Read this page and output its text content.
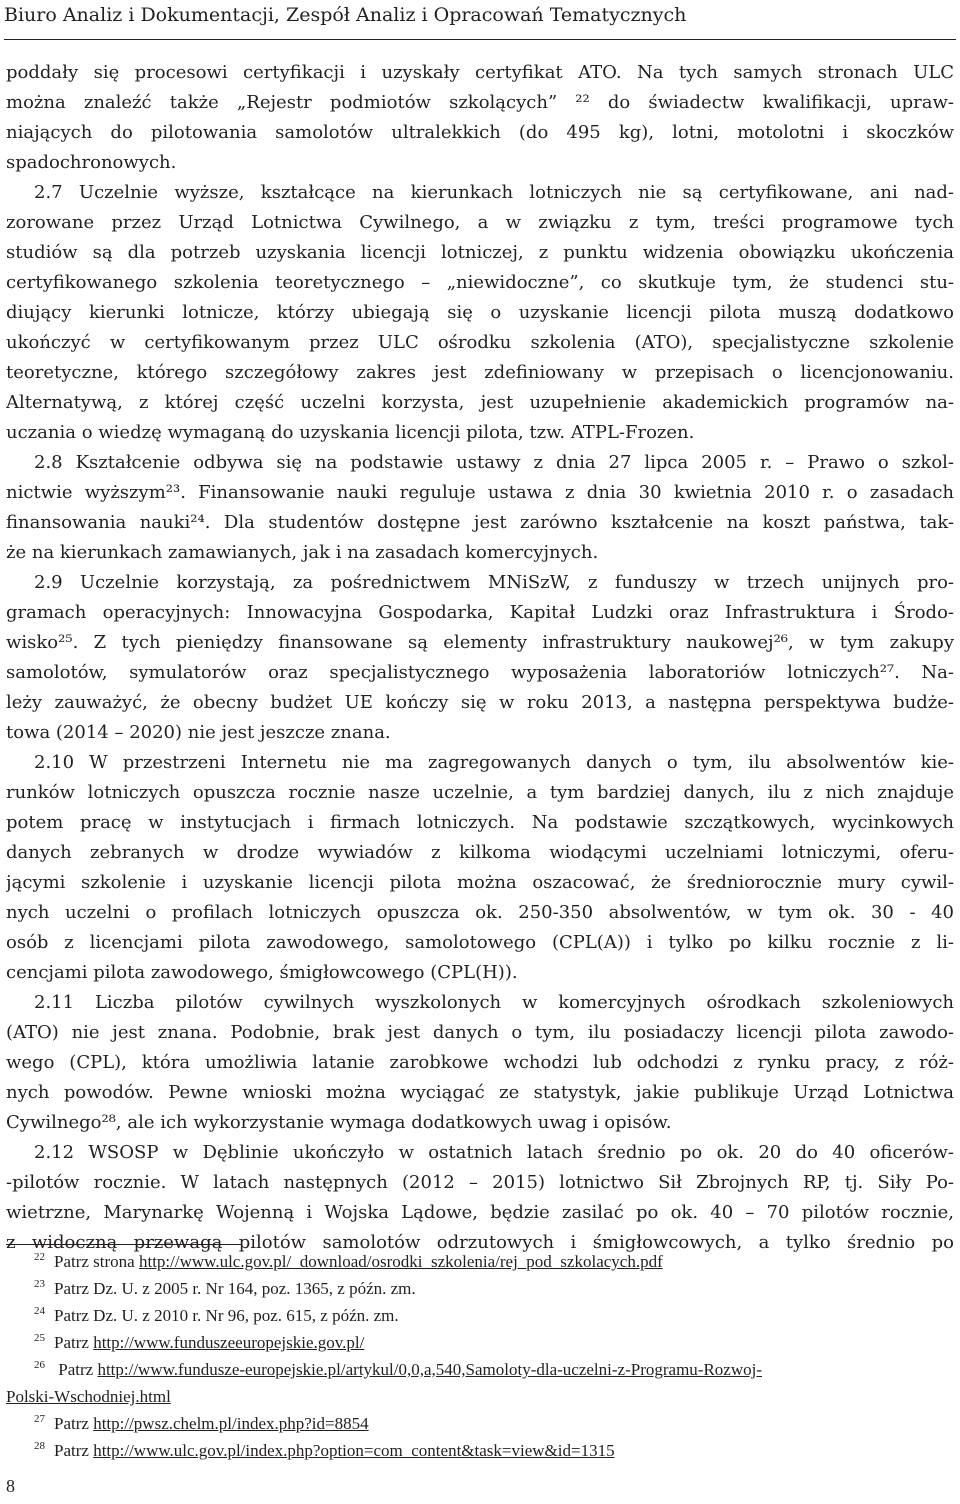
Biuro Analiz i Dokumentacji, Zespół Analiz i Opracowań Tematycznych
poddały się procesowi certyfikacji i uzyskały certyfikat ATO. Na tych samych stronach ULC
można znaleźć także „Rejestr podmiotów szkolących” ²² do świadectw kwalifikacji, upraw-
niających do pilotowania samolotów ultralekkich (do 495 kg), lotni, motolotni i skoczków
spadochronowych.
2.7 Uczelnie wyższe, kształcące na kierunkach lotniczych nie są certyfikowane, ani nad-
zorowane przez Urząd Lotnictwa Cywilnego, a w związku z tym, treści programowe tych
studiów są dla potrzeb uzyskania licencji lotniczej, z punktu widzenia obowiązku ukończenia
certyfikowanego szkolenia teoretycznego – „niewidoczne”, co skutkuje tym, że studenci stu-
diujący kierunki lotnicze, którzy ubiegają się o uzyskanie licencji pilota muszą dodatkowo
ukończyć w certyfikowanym przez ULC ośrodku szkolenia (ATO), specjalistyczne szkolenie
teoretyczne, którego szczegółowy zakres jest zdefiniowany w przepisach o licencjonowaniu.
Alternatywą, z której część uczelni korzysta, jest uzupełnienie akademickich programów na-
uczania o wiedzę wymaganą do uzyskania licencji pilota, tzw. ATPL-Frozen.
2.8 Kształcenie odbywa się na podstawie ustawy z dnia 27 lipca 2005 r. – Prawo o szkol-
nictwie wyższym²³. Finansowanie nauki reguluje ustawa z dnia 30 kwietnia 2010 r. o zasadach
finansowania nauki²⁴. Dla studentów dostępne jest zarówno kształcenie na koszt państwa, tak-
że na kierunkach zamawianych, jak i na zasadach komercyjnych.
2.9 Uczelnie korzystają, za pośrednictwem MNiSzW, z funduszy w trzech unijnych pro-
gramach operacyjnych: Innowacyjna Gospodarka, Kapitał Ludzki oraz Infrastruktura i Środo-
wisko²⁵. Z tych pieniędzy finansowane są elementy infrastruktury naukowej²⁶, w tym zakupy
samolotów, symulatorów oraz specjalistycznego wyposażenia laboratoriów lotniczych²⁷. Na-
leży zauważyć, że obecny budżet UE kończy się w roku 2013, a następna perspektywa budże-
towa (2014 – 2020) nie jest jeszcze znana.
2.10 W przestrzeni Internetu nie ma zagregowanych danych o tym, ilu absolwentów kie-
runków lotniczych opuszcza rocznie nasze uczelnie, a tym bardziej danych, ilu z nich znajduje
potem pracę w instytucjach i firmach lotniczych. Na podstawie szczątkowych, wycinkowych
danych zebranych w drodze wywiadów z kilkoma wiodącymi uczelniami lotniczymi, oferu-
jącymi szkolenie i uzyskanie licencji pilota można oszacować, że średniorocznie mury cywil-
nych uczelni o profilach lotniczych opuszcza ok. 250-350 absolwentów, w tym ok. 30 - 40
osób z licencjami pilota zawodowego, samolotowego (CPL(A)) i tylko po kilku rocznie z li-
cencjami pilota zawodowego, śmigłowcowego (CPL(H)).
2.11 Liczba pilotów cywilnych wyszkolonych w komercyjnych ośrodkach szkoleniowych
(ATO) nie jest znana. Podobnie, brak jest danych o tym, ilu posiadaczy licencji pilota zawodo-
wego (CPL), która umożliwia latanie zarobkowe wchodzi lub odchodzi z rynku pracy, z róż-
nych powodów. Pewne wnioski można wyciągać ze statystyk, jakie publikuje Urząd Lotnictwa
Cywilnego²⁸, ale ich wykorzystanie wymaga dodatkowych uwag i opisów.
2.12 WSOSP w Dęblinie ukończyło w ostatnich latach średnio po ok. 20 do 40 oficerów-
-pilotów rocznie. W latach następnych (2012 – 2015) lotnictwo Sił Zbrojnych RP, tj. Siły Po-
wietrzne, Marynarkę Wojenną i Wojska Lądowe, będzie zasilać po ok. 40 – 70 pilotów rocznie,
z widoczną przewagą pilotów samolotów odrzutowych i śmigłowcowych, a tylko średnio po
22 Patrz strona http://www.ulc.gov.pl/_download/osrodki_szkolenia/rej_pod_szkolacych.pdf
23 Patrz Dz. U. z 2005 r. Nr 164, poz. 1365, z późn. zm.
24 Patrz Dz. U. z 2010 r. Nr 96, poz. 615, z późn. zm.
25 Patrz http://www.funduszeeuropejskie.gov.pl/
26 Patrz http://www.fundusze-europejskie.pl/artykul/0,0,a,540,Samoloty-dla-uczelni-z-Programu-Rozwoj-
Polski-Wschodniej.html
27 Patrz http://pwsz.chelm.pl/index.php?id=8854
28 Patrz http://www.ulc.gov.pl/index.php?option=com_content&task=view&id=1315
8
